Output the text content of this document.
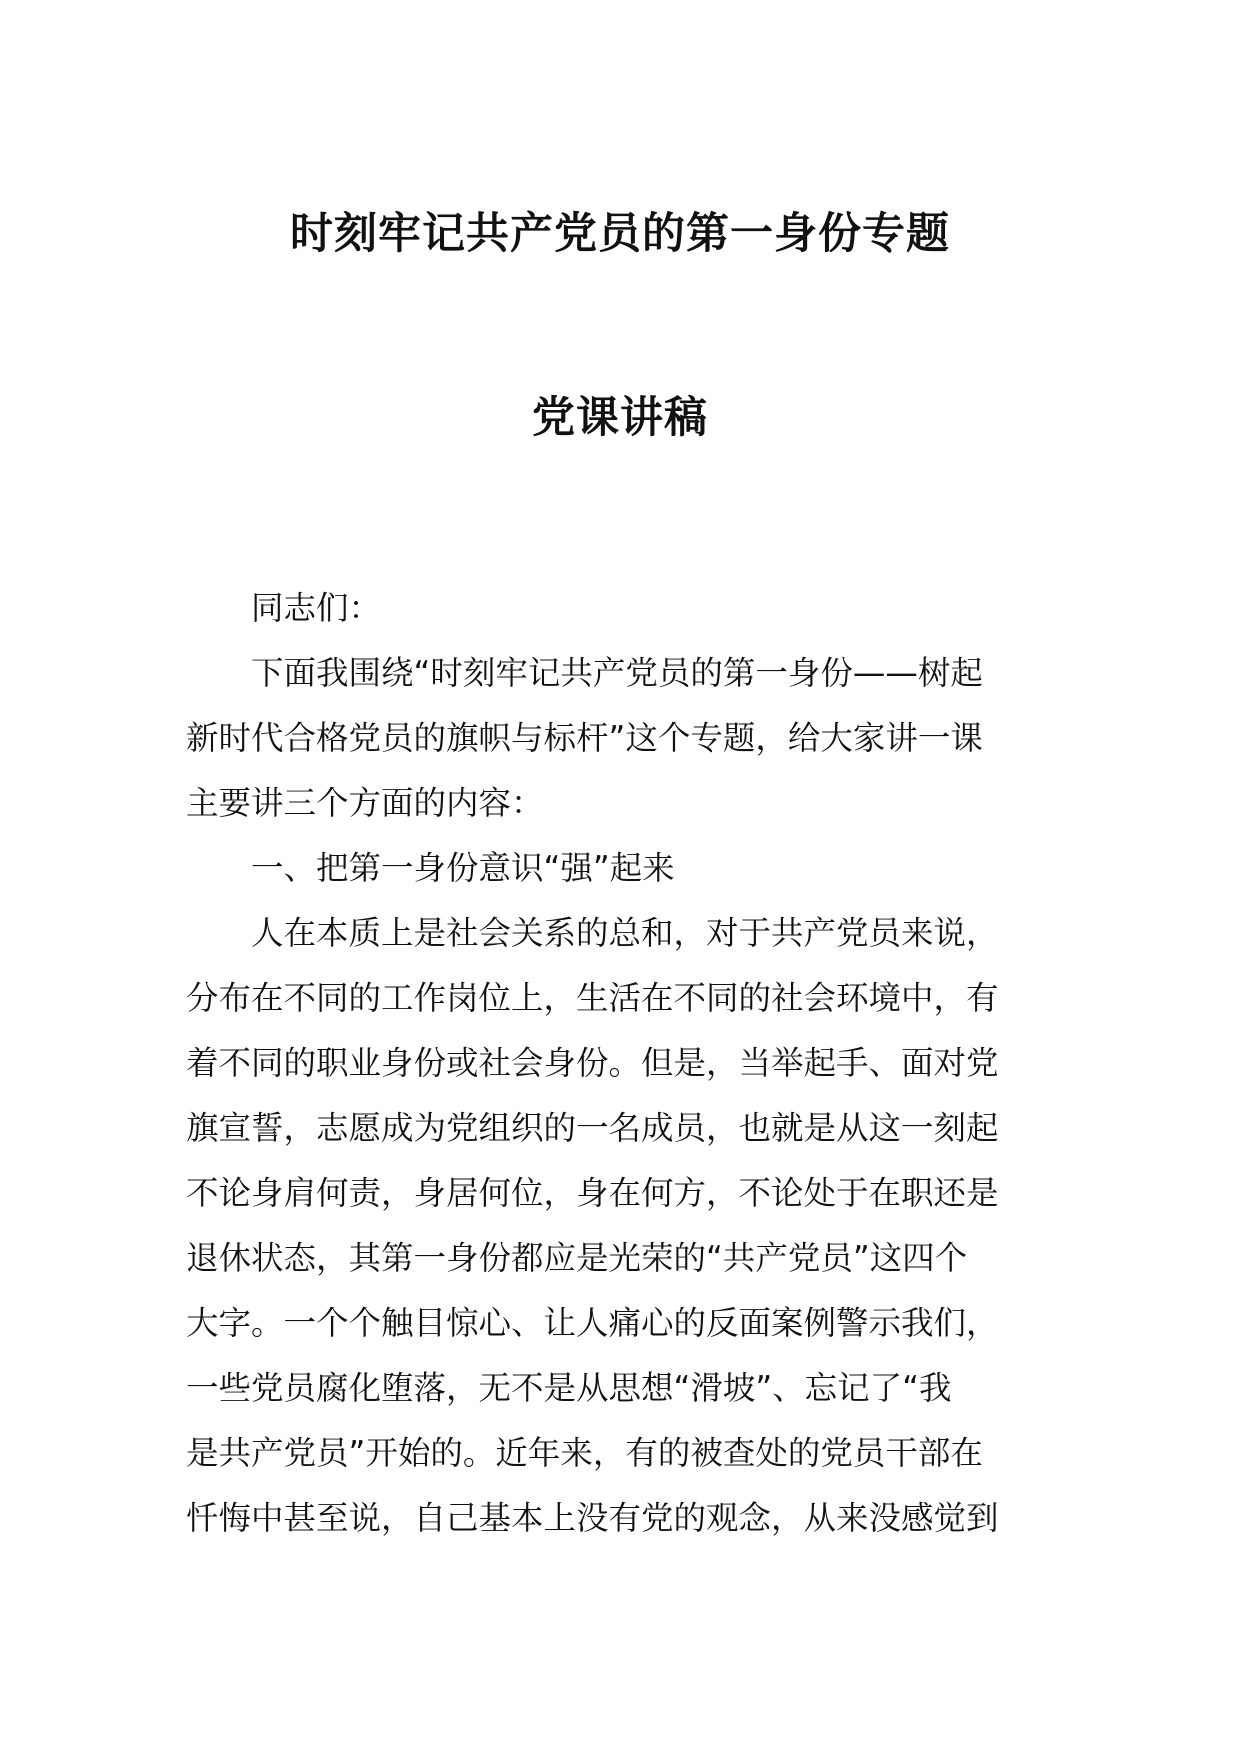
时刻牢记共产党员的第一身份专题
党课讲稿
同志们：
下面我围绕“时刻牢记共产党员的第一身份——树起
新时代合格党员的旗帜与标杆”这个专题，给大家讲一课
主要讲三个方面的内容：
一、把第一身份意识“强”起来
人在本质上是社会关系的总和，对于共产党员来说，
分布在不同的工作岗位上，生活在不同的社会环境中，有
着不同的职业身份或社会身份。但是，当举起手、面对党
旗宣誓，志愿成为党组织的一名成员，也就是从这一刻起
不论身肩何责，身居何位，身在何方，不论处于在职还是
退休状态，其第一身份都应是光荣的“共产党员”这四个
大字。一个个触目惊心、让人痛心的反面案例警示我们，
一些党员腐化堕落，无不是从思想“滑坡”、忘记了“我
是共产党员”开始的。近年来，有的被查处的党员干部在
忏悔中甚至说，自己基本上没有党的观念，从来没感觉到
